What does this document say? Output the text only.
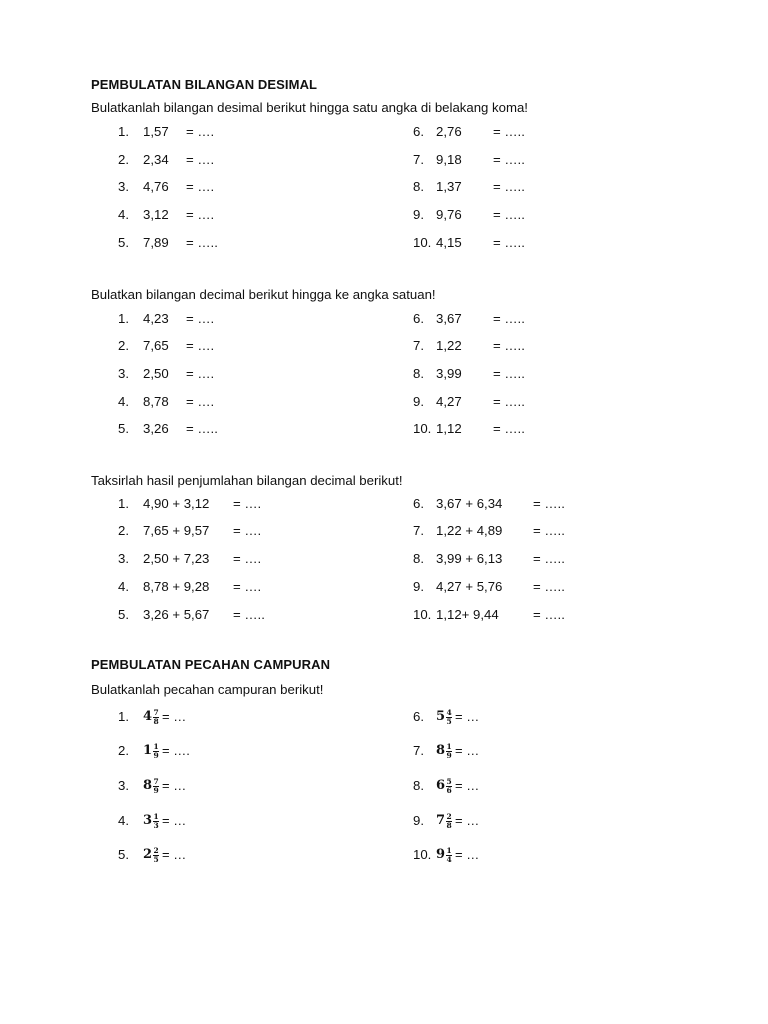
PEMBULATAN BILANGAN DESIMAL
Bulatkanlah bilangan desimal berikut hingga satu angka di belakang koma!
1. 1,57 = ….	6. 2,76 = …..
2. 2,34 = ….	7. 9,18 = …..
3. 4,76 = ….	8. 1,37 = …..
4. 3,12 = ….	9. 9,76 = …..
5. 7,89 = …..	10. 4,15 = …..
Bulatkan bilangan decimal berikut hingga ke angka satuan!
1. 4,23 = ….	6. 3,67 = …..
2. 7,65 = ….	7. 1,22 = …..
3. 2,50 = ….	8. 3,99 = …..
4. 8,78 = ….	9. 4,27 = …..
5. 3,26 = …..	10. 1,12 = …..
Taksirlah hasil penjumlahan bilangan decimal berikut!
1. 4,90 + 3,12 = ….	6. 3,67 + 6,34 = …..
2. 7,65 + 9,57 = ….	7. 1,22 + 4,89 = …..
3. 2,50 + 7,23 = ….	8. 3,99 + 6,13 = …..
4. 8,78 + 9,28 = ….	9. 4,27 + 5,76 = …..
5. 3,26 + 5,67 = …..	10. 1,12+ 9,44	= …..
PEMBULATAN PECAHAN CAMPURAN
Bulatkanlah pecahan campuran berikut!
1. $4 \frac{7}{8}$ = …	6. $5 \frac{4}{5}$ = …
2. $1 \frac{1}{9}$ = ….	7. $8 \frac{1}{9}$ = …
3. $8 \frac{7}{9}$ = …	8. $6 \frac{5}{6}$ = …
4. $3 \frac{1}{3}$ = …	9. $7 \frac{2}{8}$ = …
5. $2 \frac{2}{5}$ = …	10. $9 \frac{1}{4}$ = …
